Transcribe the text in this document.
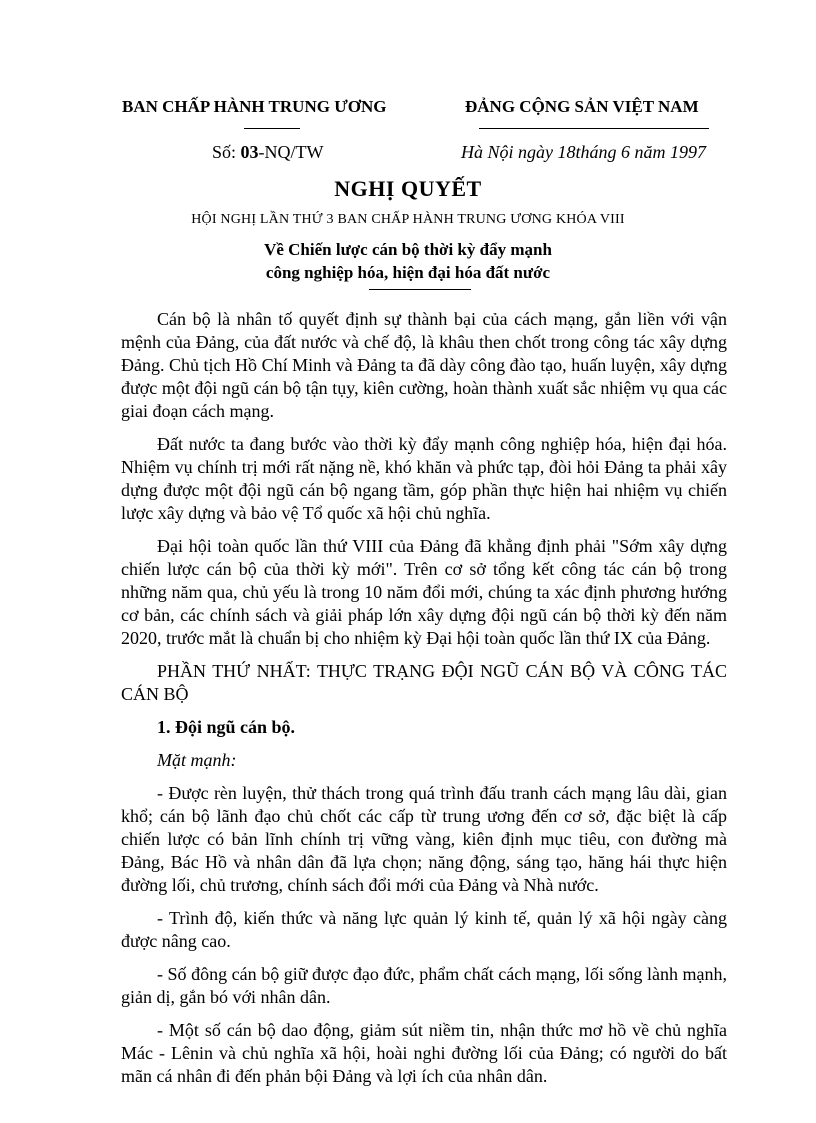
BAN CHẤP HÀNH TRUNG ƯƠNG	ĐẢNG CỘNG SẢN VIỆT NAM
Số: 03-NQ/TW	Hà Nội ngày 18tháng 6 năm 1997
NGHỊ QUYẾT
HỘI NGHỊ LẦN THỨ 3 BAN CHẤP HÀNH TRUNG ƯƠNG KHÓA VIII
Về Chiến lược cán bộ thời kỳ đẩy mạnh
công nghiệp hóa, hiện đại hóa đất nước

Cán bộ là nhân tố quyết định sự thành bại của cách mạng, gắn liền với vận mệnh của Đảng, của đất nước và chế độ, là khâu then chốt trong công tác xây dựng Đảng. Chủ tịch Hồ Chí Minh và Đảng ta đã dày công đào tạo, huấn luyện, xây dựng được một đội ngũ cán bộ tận tụy, kiên cường, hoàn thành xuất sắc nhiệm vụ qua các giai đoạn cách mạng.

Đất nước ta đang bước vào thời kỳ đẩy mạnh công nghiệp hóa, hiện đại hóa. Nhiệm vụ chính trị mới rất nặng nề, khó khăn và phức tạp, đòi hỏi Đảng ta phải xây dựng được một đội ngũ cán bộ ngang tầm, góp phần thực hiện hai nhiệm vụ chiến lược xây dựng và bảo vệ Tổ quốc xã hội chủ nghĩa.

Đại hội toàn quốc lần thứ VIII của Đảng đã khẳng định phải "Sớm xây dựng chiến lược cán bộ của thời kỳ mới". Trên cơ sở tổng kết công tác cán bộ trong những năm qua, chủ yếu là trong 10 năm đổi mới, chúng ta xác định phương hướng cơ bản, các chính sách và giải pháp lớn xây dựng đội ngũ cán bộ thời kỳ đến năm 2020, trước mắt là chuẩn bị cho nhiệm kỳ Đại hội toàn quốc lần thứ IX của Đảng.

PHẦN THỨ NHẤT: THỰC TRẠNG ĐỘI NGŨ CÁN BỘ VÀ CÔNG TÁC CÁN BỘ

1. Đội ngũ cán bộ.

Mặt mạnh:

- Được rèn luyện, thử thách trong quá trình đấu tranh cách mạng lâu dài, gian khổ; cán bộ lãnh đạo chủ chốt các cấp từ trung ương đến cơ sở, đặc biệt là cấp chiến lược có bản lĩnh chính trị vững vàng, kiên định mục tiêu, con đường mà Đảng, Bác Hồ và nhân dân đã lựa chọn; năng động, sáng tạo, hăng hái thực hiện đường lối, chủ trương, chính sách đổi mới của Đảng và Nhà nước.

- Trình độ, kiến thức và năng lực quản lý kinh tế, quản lý xã hội ngày càng được nâng cao.

- Số đông cán bộ giữ được đạo đức, phẩm chất cách mạng, lối sống lành mạnh, giản dị, gắn bó với nhân dân.

- Một số cán bộ dao động, giảm sút niềm tin, nhận thức mơ hồ về chủ nghĩa Mác - Lênin và chủ nghĩa xã hội, hoài nghi đường lối của Đảng; có người do bất mãn cá nhân đi đến phản bội Đảng và lợi ích của nhân dân.
